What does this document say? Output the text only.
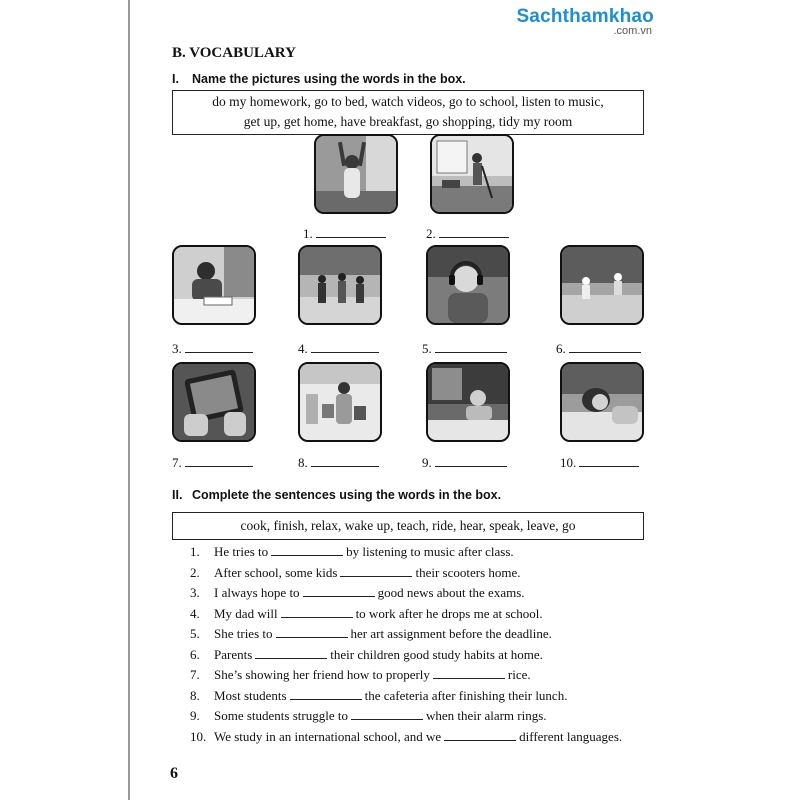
Sachthamkhao
.com.vn
B. VOCABULARY
I. Name the pictures using the words in the box.
do my homework, go to bed, watch videos, go to school, listen to music,
get up, get home, have breakfast, go shopping, tidy my room
1.	2.
3.	4.	5.	6.
7.	8.	9.	10.
II. Complete the sentences using the words in the box.
cook, finish, relax, wake up, teach, ride, hear, speak, leave, go
1. He tries to	by listening to music after class.
2. After school, some kids	their scooters home.
3. I always hope to	good news about the exams.
4. My dad will	to work after he drops me at school.
5. She tries to	her art assignment before the deadline.
6. Parents	their children good study habits at home.
7. She’s showing her friend how to properly	rice.
8. Most students	the cafeteria after finishing their lunch.
9. Some students struggle to	when their alarm rings.
10. We study in an international school, and we	different languages.
6
